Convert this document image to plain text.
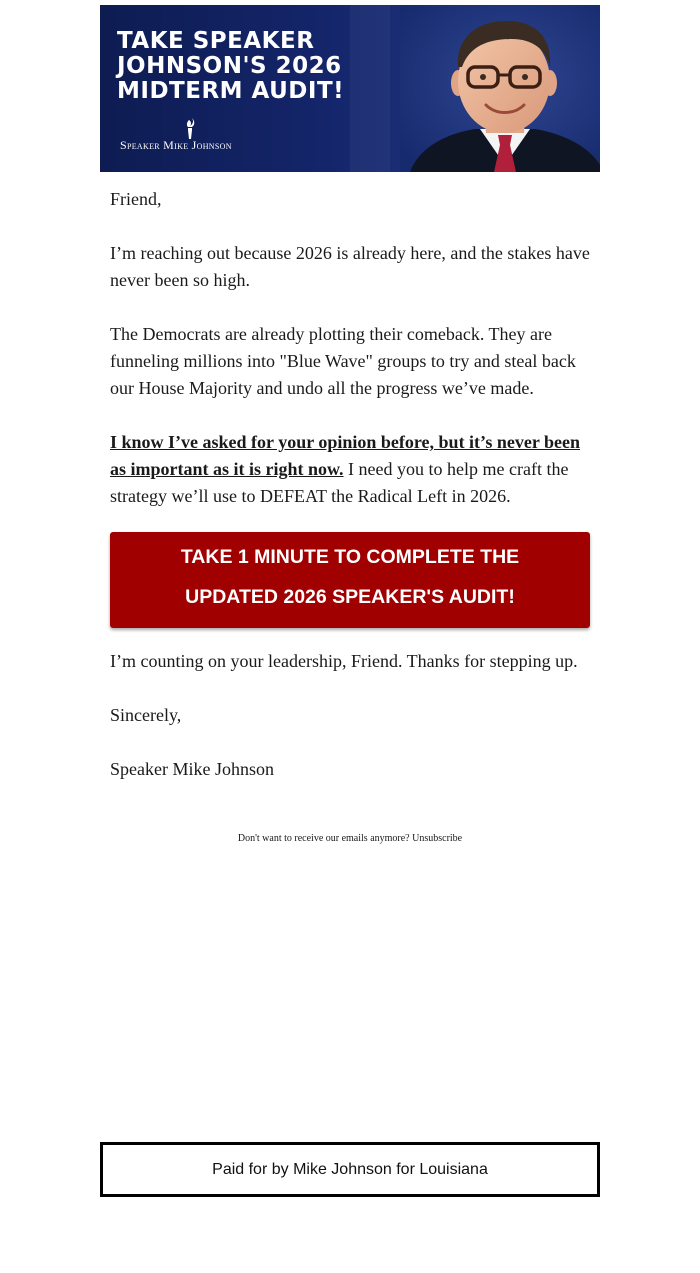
TAKE SPEAKER
JOHNSON'S 2026
MIDTERM AUDIT!
Speaker Mike Johnson

Friend,

I’m reaching out because 2026 is already here, and the stakes have never been so high.

The Democrats are already plotting their comeback. They are funneling millions into "Blue Wave" groups to try and steal back our House Majority and undo all the progress we’ve made.

I know I’ve asked for your opinion before, but it’s never been as important as it is right now. I need you to help me craft the strategy we’ll use to DEFEAT the Radical Left in 2026.

TAKE 1 MINUTE TO COMPLETE THE
UPDATED 2026 SPEAKER'S AUDIT!

I’m counting on your leadership, Friend. Thanks for stepping up.

Sincerely,

Speaker Mike Johnson

Don't want to receive our emails anymore? Unsubscribe
Paid for by Mike Johnson for Louisiana
